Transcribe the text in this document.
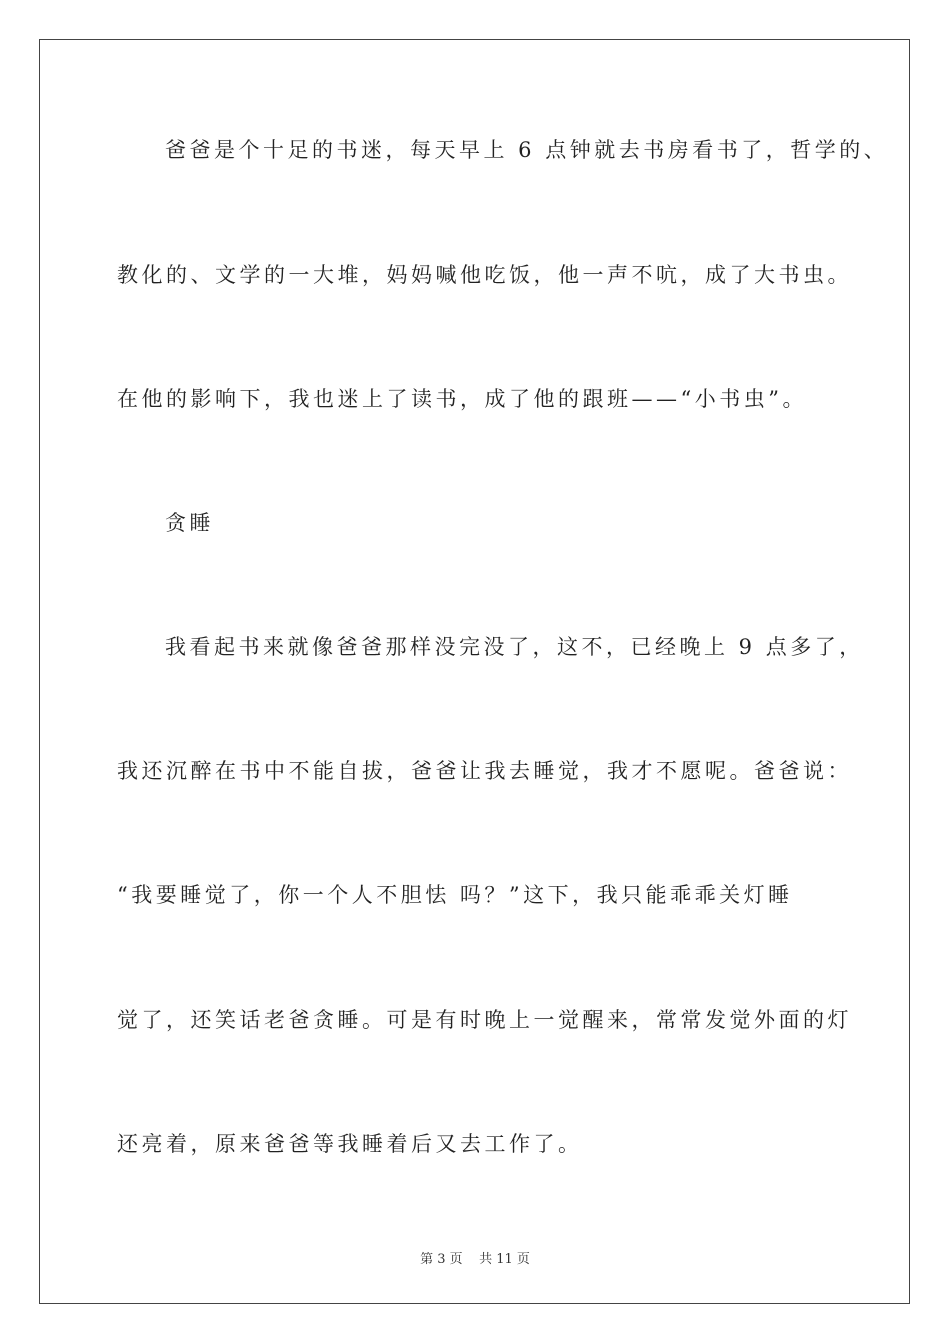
爸爸是个十足的书迷，每天早上 6 点钟就去书房看书了，哲学的、
教化的、文学的一大堆，妈妈喊他吃饭，他一声不吭，成了大书虫。
在他的影响下，我也迷上了读书，成了他的跟班——“小书虫”。
贪睡
我看起书来就像爸爸那样没完没了，这不，已经晚上 9 点多了，
我还沉醉在书中不能自拔，爸爸让我去睡觉，我才不愿呢。爸爸说：
“我要睡觉了，你一个人不胆怯 吗？”这下，我只能乖乖关灯睡
觉了，还笑话老爸贪睡。可是有时晚上一觉醒来，常常发觉外面的灯
还亮着，原来爸爸等我睡着后又去工作了。
第 3 页    共 11 页
